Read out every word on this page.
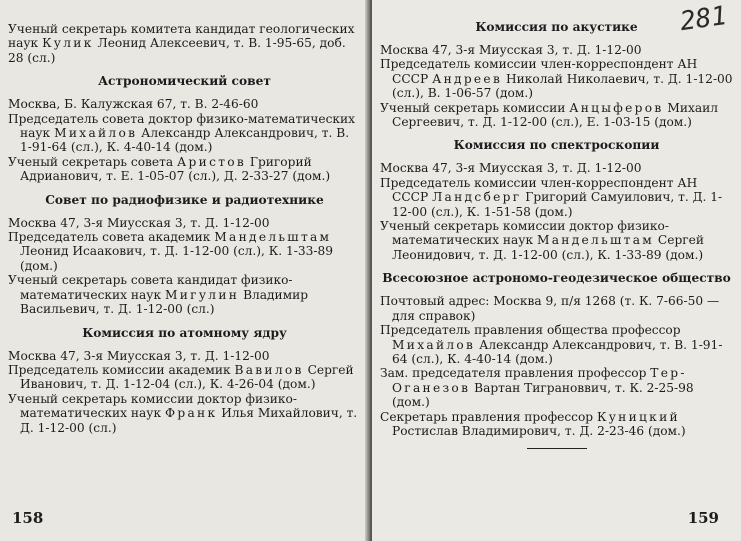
Ученый секретарь комитета кандидат геологических наук Кулик Леонид Алексеевич, т. В. 1-95-65, доб. 28 (сл.)

Астрономический совет

Москва, Б. Калужская 67, т. В. 2-46-60

Председатель совета доктор физико-математических наук Михайлов Александр Александрович, т. В. 1-91-64 (сл.), К. 4-40-14 (дом.)

Ученый секретарь совета Аристов Григорий Адрианович, т. Е. 1-05-07 (сл.), Д. 2-33-27 (дом.)

Совет по радиофизике и радиотехнике

Москва 47, 3-я Миусская 3, т. Д. 1-12-00

Председатель совета академик Мандельштам Леонид Исаакович, т. Д. 1-12-00 (сл.), К. 1-33-89 (дом.)

Ученый секретарь совета кандидат физико-математических наук Мигулин Владимир Васильевич, т. Д. 1-12-00 (сл.)

Комиссия по атомному ядру

Москва 47, 3-я Миусская 3, т. Д. 1-12-00

Председатель комиссии академик Вавилов Сергей Иванович, т. Д. 1-12-04 (сл.), К. 4-26-04 (дом.)

Ученый секретарь комиссии доктор физико-математических наук Франк Илья Михайлович, т. Д. 1-12-00 (сл.)

158
281
Комиссия по акустике

Москва 47, 3-я Миусская 3, т. Д. 1-12-00

Председатель комиссии член-корреспондент АН СССР Андреев Николай Николаевич, т. Д. 1-12-00 (сл.), В. 1-06-57 (дом.)

Ученый секретарь комиссии Анцыферов Михаил Сергеевич, т. Д. 1-12-00 (сл.), Е. 1-03-15 (дом.)

Комиссия по спектроскопии

Москва 47, 3-я Миусская 3, т. Д. 1-12-00

Председатель комиссии член-корреспондент АН СССР Ландсберг Григорий Самуилович, т. Д. 1-12-00 (сл.), К. 1-51-58 (дом.)

Ученый секретарь комиссии доктор физико-математических наук Мандельштам Сергей Леонидович, т. Д. 1-12-00 (сл.), К. 1-33-89 (дом.)

Всесоюзное астрономо-геодезическое общество

Почтовый адрес: Москва 9, п/я 1268 (т. К. 7-66-50 — для справок)

Председатель правления общества профессор Михайлов Александр Александрович, т. В. 1-91-64 (сл.), К. 4-40-14 (дом.)

Зам. председателя правления профессор Тер-Оганезов Вартан Тиграноввич, т. К. 2-25-98 (дом.)

Секретарь правления профессор Куницкий Ростислав Владимирович, т. Д. 2-23-46 (дом.)

159
